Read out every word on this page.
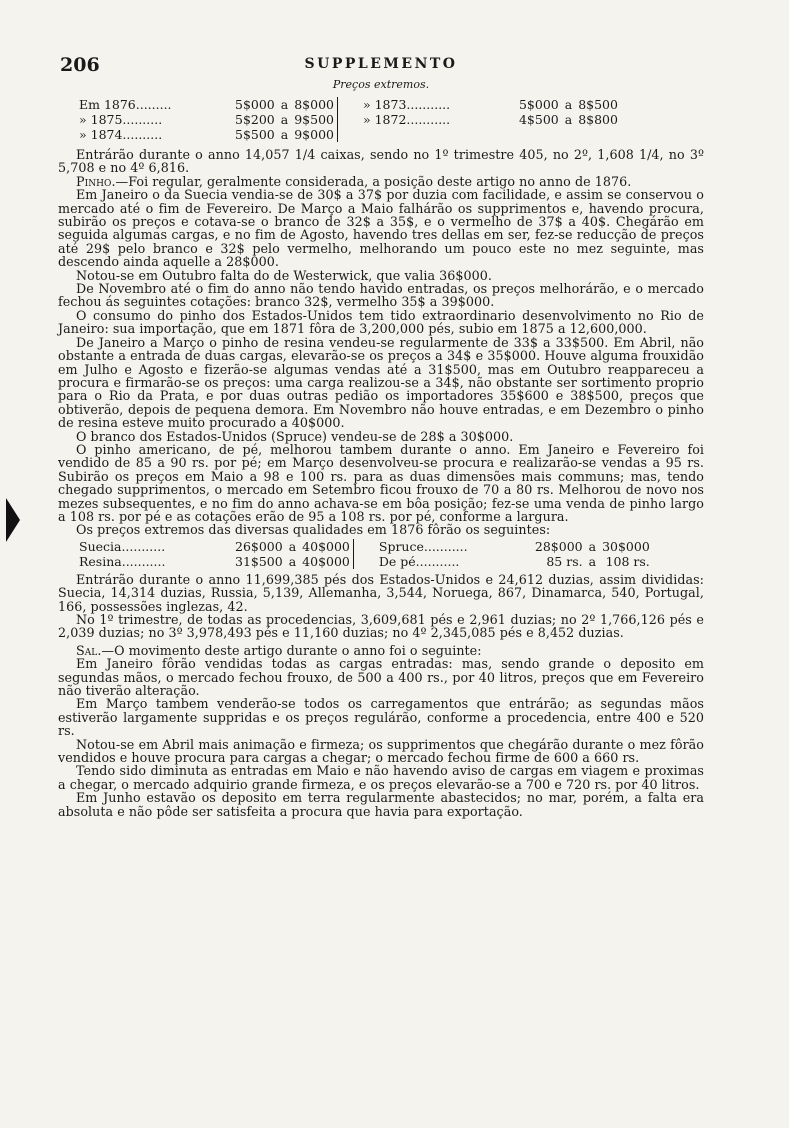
206	SUPPLEMENTO
Preços extremos.
Em 1876.........	5$000	a	8$000		» 1873...........	5$000	a	8$500
» 1875..........	5$200	a	9$500		» 1872...........	4$500	a	8$800
» 1874..........	5$500	a	9$000					

Entrárão durante o anno 14,057 1/4 caixas, sendo no 1º trimestre 405, no 2º, 1,608 1/4, no 3º 5,708 e no 4º 6,816.

Pinho.—Foi regular, geralmente considerada, a posição deste artigo no anno de 1876.

Em Janeiro o da Suecia vendia-se de 30$ a 37$ por duzia com facilidade, e assim se conservou o mercado até o fim de Fevereiro. De Março a Maio falhárão os supprimentos e, havendo procura, subirão os preços e cotava-se o branco de 32$ a 35$, e o vermelho de 37$ a 40$. Chegárão em seguida algumas cargas, e no fim de Agosto, havendo tres dellas em ser, fez-se reducção de preços até 29$ pelo branco e 32$ pelo vermelho, melhorando um pouco este no mez seguinte, mas descendo ainda aquelle a 28$000.

Notou-se em Outubro falta do de Westerwick, que valia 36$000.

De Novembro até o fim do anno não tendo havido entradas, os preços melhorárão, e o mercado fechou ás seguintes cotações: branco 32$, vermelho 35$ a 39$000.

O consumo do pinho dos Estados-Unidos tem tido extraordinario desenvolvimento no Rio de Janeiro: sua importação, que em 1871 fôra de 3,200,000 pés, subio em 1875 a 12,600,000.

De Janeiro a Março o pinho de resina vendeu-se regularmente de 33$ a 33$500. Em Abril, não obstante a entrada de duas cargas, elevarão-se os preços a 34$ e 35$000. Houve alguma frouxidão em Julho e Agosto e fizerão-se algumas vendas até a 31$500, mas em Outubro reappareceu a procura e firmarão-se os preços: uma carga realizou-se a 34$, não obstante ser sortimento proprio para o Rio da Prata, e por duas outras pedião os importadores 35$600 e 38$500, preços que obtiverão, depois de pequena demora. Em Novembro não houve entradas, e em Dezembro o pinho de resina esteve muito procurado a 40$000.

O branco dos Estados-Unidos (Spruce) vendeu-se de 28$ a 30$000.

O pinho americano, de pé, melhorou tambem durante o anno. Em Janeiro e Fevereiro foi vendido de 85 a 90 rs. por pé; em Março desenvolveu-se procura e realizarão-se vendas a 95 rs. Subirão os preços em Maio a 98 e 100 rs. para as duas dimensões mais communs; mas, tendo chegado supprimentos, o mercado em Setembro ficou frouxo de 70 a 80 rs. Melhorou de novo nos mezes subsequentes, e no fim do anno achava-se em bôa posição; fez-se uma venda de pinho largo a 108 rs. por pé e as cotações erão de 95 a 108 rs. por pé, conforme a largura.

Os preços extremos das diversas qualidades em 1876 fôrão os seguintes:

Suecia...........	26$000	a	40$000		Spruce...........	28$000	a	30$000
Resina...........	31$500	a	40$000		De pé...........	85 rs.	a	108 rs.

Entrárão durante o anno 11,699,385 pés dos Estados-Unidos e 24,612 duzias, assim divididas: Suecia, 14,314 duzias, Russia, 5,139, Allemanha, 3,544, Noruega, 867, Dinamarca, 540, Portugal, 166, possessões inglezas, 42.

No 1º trimestre, de todas as procedencias, 3,609,681 pés e 2,961 duzias; no 2º 1,766,126 pés e 2,039 duzias; no 3º 3,978,493 pés e 11,160 duzias; no 4º 2,345,085 pés e 8,452 duzias.

Sal.—O movimento deste artigo durante o anno foi o seguinte:

Em Janeiro fôrão vendidas todas as cargas entradas: mas, sendo grande o deposito em segundas mãos, o mercado fechou frouxo, de 500 a 400 rs., por 40 litros, preços que em Fevereiro não tiverão alteração.

Em Março tambem venderão-se todos os carregamentos que entrárão; as segundas mãos estiverão largamente suppridas e os preços regulárão, conforme a procedencia, entre 400 e 520 rs.

Notou-se em Abril mais animação e firmeza; os supprimentos que chegárão durante o mez fôrão vendidos e houve procura para cargas a chegar; o mercado fechou firme de 600 a 660 rs.

Tendo sido diminuta as entradas em Maio e não havendo aviso de cargas em viagem e proximas a chegar, o mercado adquirio grande firmeza, e os preços elevarão-se a 700 e 720 rs. por 40 litros.

Em Junho estavão os deposito em terra regularmente abastecidos; no mar, porém, a falta era absoluta e não pôde ser satisfeita a procura que havia para exportação.
